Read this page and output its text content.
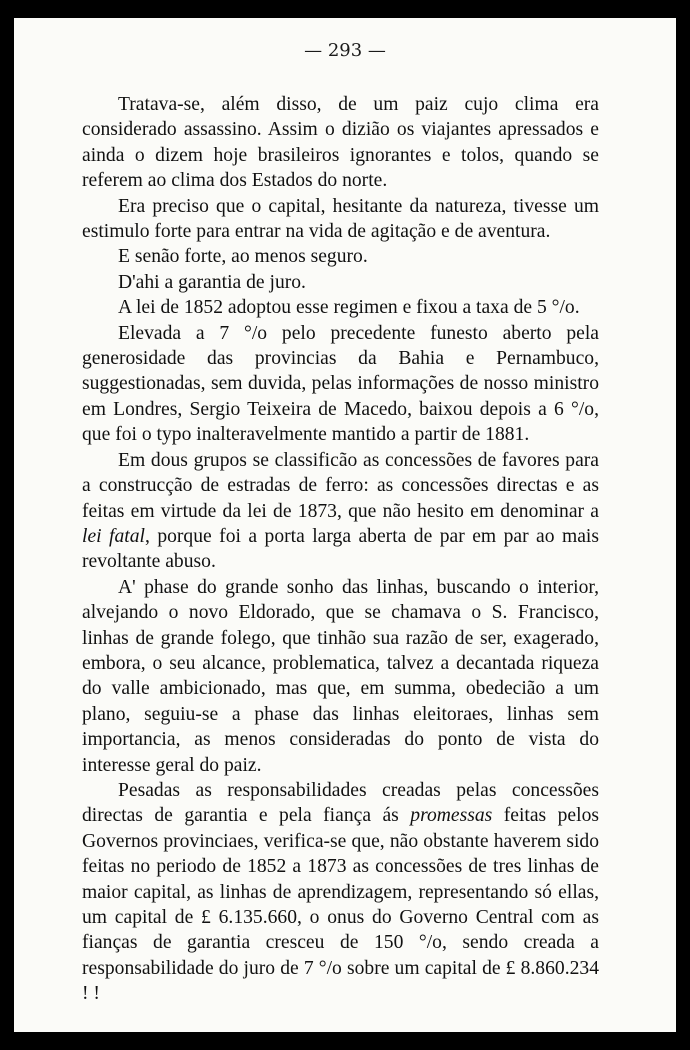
— 293 —

Tratava-se, além disso, de um paiz cujo clima era considerado assassino. Assim o dizião os viajantes apressados e ainda o dizem hoje brasileiros ignorantes e tolos, quando se referem ao clima dos Estados do norte.

Era preciso que o capital, hesitante da natureza, tivesse um estimulo forte para entrar na vida de agitação e de aventura.

E senão forte, ao menos seguro.

D'ahi a garantia de juro.

A lei de 1852 adoptou esse regimen e fixou a taxa de 5 °/o.

Elevada a 7 °/o pelo precedente funesto aberto pela generosidade das provincias da Bahia e Pernambuco, suggestionadas, sem duvida, pelas informações de nosso ministro em Londres, Sergio Teixeira de Macedo, baixou depois a 6 °/o, que foi o typo inalteravelmente mantido a partir de 1881.

Em dous grupos se classificão as concessões de favores para a construcção de estradas de ferro: as concessões directas e as feitas em virtude da lei de 1873, que não hesito em denominar a lei fatal, porque foi a porta larga aberta de par em par ao mais revoltante abuso.

A' phase do grande sonho das linhas, buscando o interior, alvejando o novo Eldorado, que se chamava o S. Francisco, linhas de grande folego, que tinhão sua razão de ser, exagerado, embora, o seu alcance, problematica, talvez a decantada riqueza do valle ambicionado, mas que, em summa, obedecião a um plano, seguiu-se a phase das linhas eleitoraes, linhas sem importancia, as menos consideradas do ponto de vista do interesse geral do paiz.

Pesadas as responsabilidades creadas pelas concessões directas de garantia e pela fiança ás promessas feitas pelos Governos provinciaes, verifica-se que, não obstante haverem sido feitas no periodo de 1852 a 1873 as concessões de tres linhas de maior capital, as linhas de aprendizagem, representando só ellas, um capital de £ 6.135.660, o onus do Governo Central com as fianças de garantia cresceu de 150 °/o, sendo creada a responsabilidade do juro de 7 °/o sobre um capital de £ 8.860.234 ! !
